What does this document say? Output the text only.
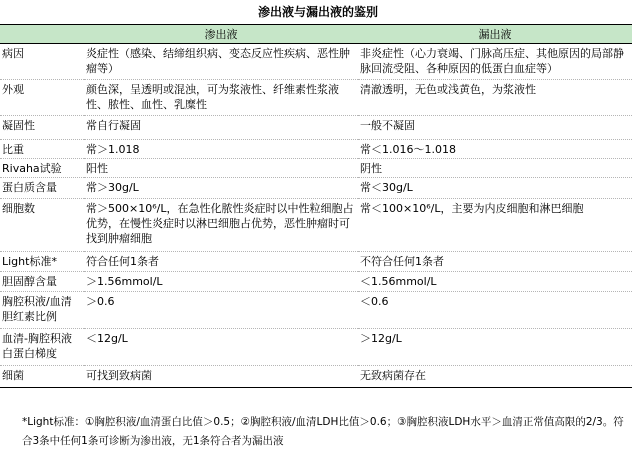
渗出液与漏出液的鉴别
	渗出液	漏出液
病因	炎症性（感染、结缔组织病、变态反应性疾病、恶性肿瘤等）	非炎症性（心力衰竭、门脉高压症、其他原因的局部静脉回流受阻、各种原因的低蛋白血症等）
外观	颜色深，呈透明或混浊，可为浆液性、纤维素性浆液性、脓性、血性、乳糜性	清澈透明，无色或浅黄色，为浆液性
凝固性	常自行凝固	一般不凝固
比重	常＞1.018	常＜1.016～1.018
Rivaha试验	阳性	阴性
蛋白质含量	常＞30g/L	常＜30g/L
细胞数	常＞500×10⁶/L，在急性化脓性炎症时以中性粒细胞占优势，在慢性炎症时以淋巴细胞占优势，恶性肿瘤时可找到肿瘤细胞	常＜100×10⁶/L，主要为内皮细胞和淋巴细胞
Light标准*	符合任何1条者	不符合任何1条者
胆固醇含量	＞1.56mmol/L	＜1.56mmol/L
胸腔积液/血清胆红素比例	＞0.6	＜0.6
血清-胸腔积液白蛋白梯度	＜12g/L	＞12g/L
细菌	可找到致病菌	无致病菌存在

*Light标准：①胸腔积液/血清蛋白比值＞0.5；②胸腔积液/血清LDH比值＞0.6；③胸腔积液LDH水平＞血清正常值高限的2/3。符合3条中任何1条可诊断为渗出液，无1条符合者为漏出液
